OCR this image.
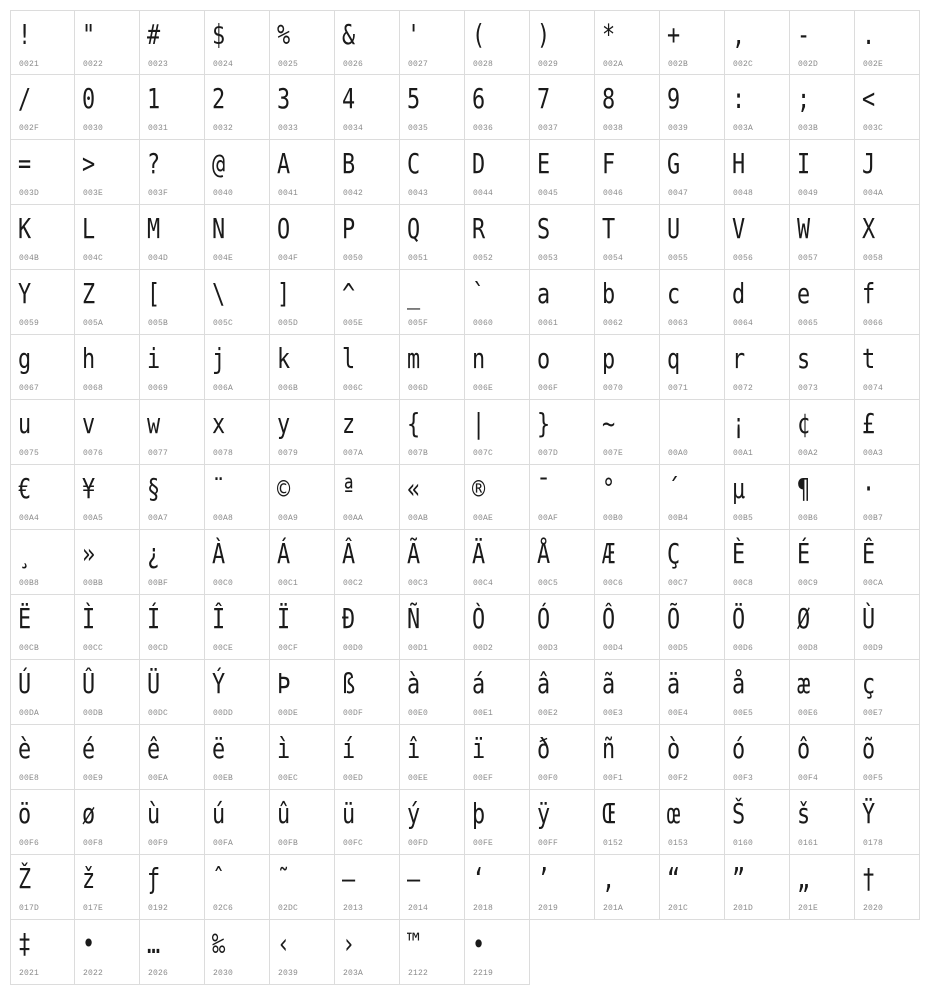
!
0021
"
0022
#
0023
$
0024
%
0025
&
0026
'
0027
(
0028
)
0029
*
002A
+
002B
,
002C
-
002D
.
002E
/
002F
0
0030
1
0031
2
0032
3
0033
4
0034
5
0035
6
0036
7
0037
8
0038
9
0039
:
003A
;
003B
<
003C
=
003D
>
003E
?
003F
@
0040
A
0041
B
0042
C
0043
D
0044
E
0045
F
0046
G
0047
H
0048
I
0049
J
004A
K
004B
L
004C
M
004D
N
004E
O
004F
P
0050
Q
0051
R
0052
S
0053
T
0054
U
0055
V
0056
W
0057
X
0058
Y
0059
Z
005A
[
005B
\
005C
]
005D
^
005E
_
005F
`
0060
a
0061
b
0062
c
0063
d
0064
e
0065
f
0066
g
0067
h
0068
i
0069
j
006A
k
006B
l
006C
m
006D
n
006E
o
006F
p
0070
q
0071
r
0072
s
0073
t
0074
u
0075
v
0076
w
0077
x
0078
y
0079
z
007A
{
007B
|
007C
}
007D
~
007E
	00A0
¡
00A1
¢
00A2
£
00A3
€
00A4
¥
00A5
§
00A7
¨
00A8
©
00A9
ª
00AA
«
00AB
®
00AE
¯
00AF
°
00B0
´
00B4
µ
00B5
¶
00B6
·
00B7
¸
00B8
»
00BB
¿
00BF
À
00C0
Á
00C1
Â
00C2
Ã
00C3
Ä
00C4
Å
00C5
Æ
00C6
Ç
00C7
È
00C8
É
00C9
Ê
00CA
Ë
00CB
Ì
00CC
Í
00CD
Î
00CE
Ï
00CF
Ð
00D0
Ñ
00D1
Ò
00D2
Ó
00D3
Ô
00D4
Õ
00D5
Ö
00D6
Ø
00D8
Ù
00D9
Ú
00DA
Û
00DB
Ü
00DC
Ý
00DD
Þ
00DE
ß
00DF
à
00E0
á
00E1
â
00E2
ã
00E3
ä
00E4
å
00E5
æ
00E6
ç
00E7
è
00E8
é
00E9
ê
00EA
ë
00EB
ì
00EC
í
00ED
î
00EE
ï
00EF
ð
00F0
ñ
00F1
ò
00F2
ó
00F3
ô
00F4
õ
00F5
ö
00F6
ø
00F8
ù
00F9
ú
00FA
û
00FB
ü
00FC
ý
00FD
þ
00FE
ÿ
00FF
Œ
0152
œ
0153
Š
0160
š
0161
Ÿ
0178
Ž
017D
ž
017E
ƒ
0192
ˆ
02C6
˜
02DC
–
2013
—
2014
‘
2018
’
2019
‚
201A
“
201C
”
201D
„
201E
†
2020
‡
2021
•
2022
…
2026
‰
2030
‹
2039
›
203A
™
2122
∙
2219
